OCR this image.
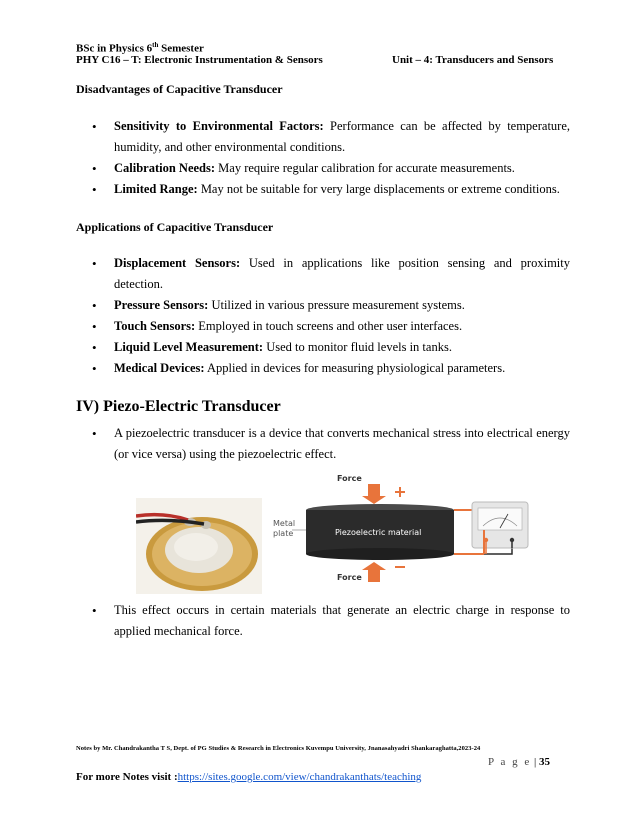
BSc in Physics 6th Semester
PHY C16 – T: Electronic Instrumentation & Sensors	Unit – 4: Transducers and Sensors
Disadvantages of Capacitive Transducer
• Sensitivity to Environmental Factors: Performance can be affected by temperature, humidity, and other environmental conditions.
• Calibration Needs: May require regular calibration for accurate measurements.
• Limited Range: May not be suitable for very large displacements or extreme conditions.
Applications of Capacitive Transducer
• Displacement Sensors: Used in applications like position sensing and proximity detection.
• Pressure Sensors: Utilized in various pressure measurement systems.
• Touch Sensors: Employed in touch screens and other user interfaces.
• Liquid Level Measurement: Used to monitor fluid levels in tanks.
• Medical Devices: Applied in devices for measuring physiological parameters.
IV) Piezo-Electric Transducer
• A piezoelectric transducer is a device that converts mechanical stress into electrical energy (or vice versa) using the piezoelectric effect.
Force
Force
Metal
plate	Piezoelectric material
• This effect occurs in certain materials that generate an electric charge in response to applied mechanical force.
Notes by Mr. Chandrakantha T S, Dept. of PG Studies & Research in Electronics Kuvempu University, Jnanasahyadri Shankaraghatta,2023-24
P a g e | 35
For more Notes visit :https://sites.google.com/view/chandrakanthats/teaching
